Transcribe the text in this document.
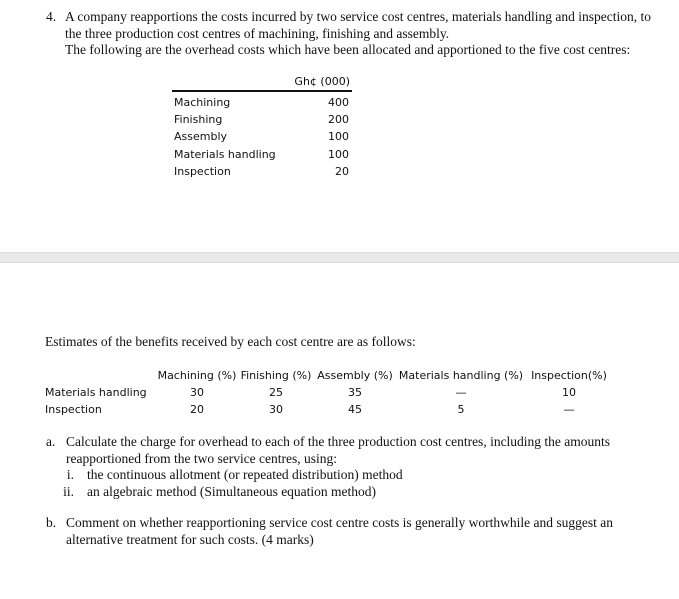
4. A company reapportions the costs incurred by two service cost centres, materials handling and inspection, to the three production cost centres of machining, finishing and assembly.
The following are the overhead costs which have been allocated and apportioned to the five cost centres:
Gh¢ (000)
Machining	400
Finishing	200
Assembly	100
Materials handling	100
Inspection	20
Estimates of the benefits received by each cost centre are as follows:
Machining (%) Finishing (%) Assembly (%) Materials handling (%) Inspection(%)
Materials handling	30	25	35	—	10
Inspection	20	30	45	5	—
a. Calculate the charge for overhead to each of the three production cost centres, including the amounts reapportioned from the two service centres, using:
i. the continuous allotment (or repeated distribution) method
ii. an algebraic method (Simultaneous equation method)
b. Comment on whether reapportioning service cost centre costs is generally worthwhile and suggest an alternative treatment for such costs. (4 marks)
